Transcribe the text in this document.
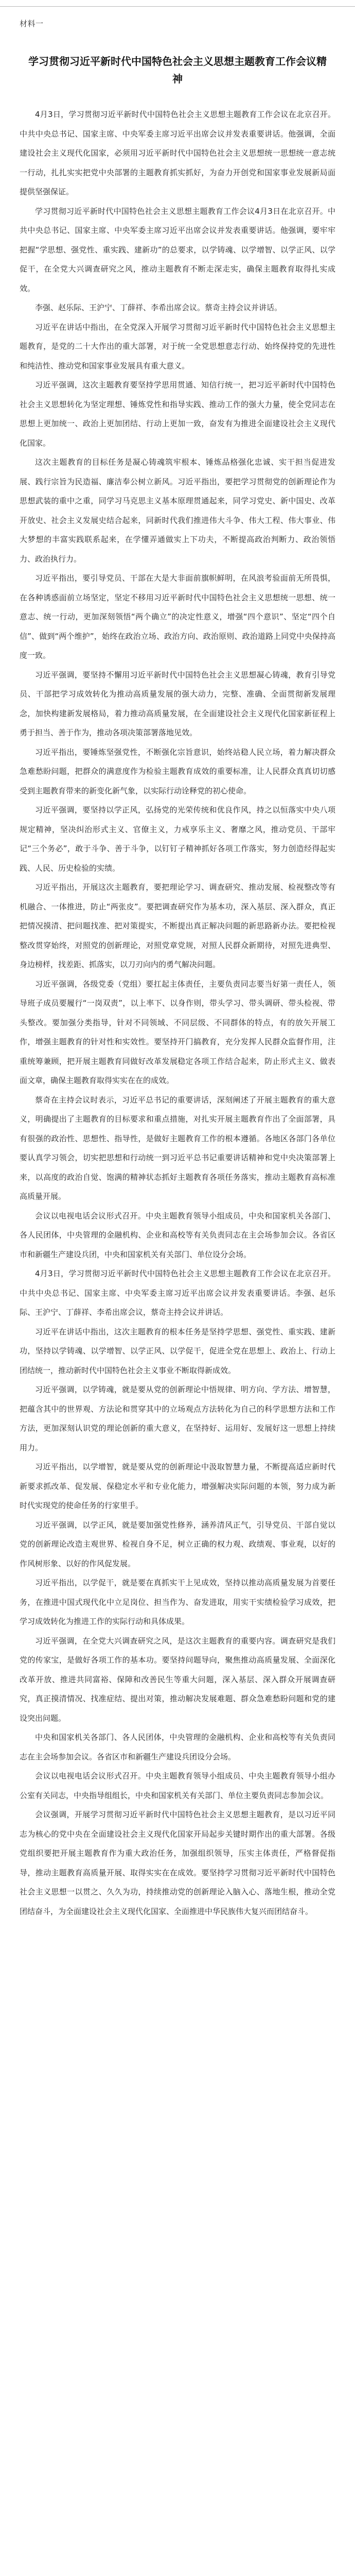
材料一
学习贯彻习近平新时代中国特色社会主义思想主题教育工作会议精神

4月3日，学习贯彻习近平新时代中国特色社会主义思想主题教育工作会议在北京召开。中共中央总书记、国家主席、中央军委主席习近平出席会议并发表重要讲话。他强调，全面建设社会主义现代化国家，必须用习近平新时代中国特色社会主义思想统一思想统一意志统一行动，扎扎实实把党中央部署的主题教育抓实抓好，为奋力开创党和国家事业发展新局面提供坚强保证。

学习贯彻习近平新时代中国特色社会主义思想主题教育工作会议4月3日在北京召开。中共中央总书记、国家主席、中央军委主席习近平出席会议并发表重要讲话。他强调，要牢牢把握“学思想、强党性、重实践、建新功”的总要求，以学铸魂、以学增智、以学正风、以学促干，在全党大兴调查研究之风，推动主题教育不断走深走实，确保主题教育取得扎实成效。

李强、赵乐际、王沪宁、丁薛祥、李希出席会议。蔡奇主持会议并讲话。

习近平在讲话中指出，在全党深入开展学习贯彻习近平新时代中国特色社会主义思想主题教育，是党的二十大作出的重大部署，对于统一全党思想意志行动、始终保持党的先进性和纯洁性、推动党和国家事业发展具有重大意义。

习近平强调，这次主题教育要坚持学思用贯通、知信行统一，把习近平新时代中国特色社会主义思想转化为坚定理想、锤炼党性和指导实践、推动工作的强大力量，使全党同志在思想上更加统一、政治上更加团结、行动上更加一致，奋发有为推进全面建设社会主义现代化国家。

这次主题教育的目标任务是凝心铸魂筑牢根本、锤炼品格强化忠诚、实干担当促进发展、践行宗旨为民造福、廉洁奉公树立新风。习近平指出，要把学习贯彻党的创新理论作为思想武装的重中之重，同学习马克思主义基本原理贯通起来，同学习党史、新中国史、改革开放史、社会主义发展史结合起来，同新时代我们推进伟大斗争、伟大工程、伟大事业、伟大梦想的丰富实践联系起来，在学懂弄通做实上下功夫，不断提高政治判断力、政治领悟力、政治执行力。

习近平指出，要引导党员、干部在大是大非面前旗帜鲜明，在风浪考验面前无所畏惧，在各种诱惑面前立场坚定，坚定不移用习近平新时代中国特色社会主义思想统一思想、统一意志、统一行动，更加深刻领悟“两个确立”的决定性意义，增强“四个意识”、坚定“四个自信”、做到“两个维护”，始终在政治立场、政治方向、政治原则、政治道路上同党中央保持高度一致。

习近平强调，要坚持不懈用习近平新时代中国特色社会主义思想凝心铸魂，教育引导党员、干部把学习成效转化为推动高质量发展的强大动力，完整、准确、全面贯彻新发展理念，加快构建新发展格局，着力推动高质量发展，在全面建设社会主义现代化国家新征程上勇于担当、善于作为，推动各项决策部署落地见效。

习近平指出，要锤炼坚强党性，不断强化宗旨意识，始终站稳人民立场，着力解决群众急难愁盼问题，把群众的满意度作为检验主题教育成效的重要标准，让人民群众真真切切感受到主题教育带来的新变化新气象，以实际行动诠释党的初心使命。

习近平强调，要坚持以学正风，弘扬党的光荣传统和优良作风，持之以恒落实中央八项规定精神，坚决纠治形式主义、官僚主义，力戒享乐主义、奢靡之风，推动党员、干部牢记“三个务必”，敢于斗争、善于斗争，以钉钉子精神抓好各项工作落实，努力创造经得起实践、人民、历史检验的实绩。

习近平指出，开展这次主题教育，要把理论学习、调查研究、推动发展、检视整改等有机融合、一体推进，防止“两张皮”。要把调查研究作为基本功，深入基层、深入群众，真正把情况摸清、把问题找准、把对策提实，不断提出真正解决问题的新思路新办法。要把检视整改贯穿始终，对照党的创新理论，对照党章党规，对照人民群众新期待，对照先进典型、身边榜样，找差距、抓落实，以刀刃向内的勇气解决问题。

习近平强调，各级党委（党组）要扛起主体责任，主要负责同志要当好第一责任人，领导班子成员要履行“一岗双责”，以上率下、以身作则，带头学习、带头调研、带头检视、带头整改。要加强分类指导，针对不同领域、不同层级、不同群体的特点，有的放矢开展工作，增强主题教育的针对性和实效性。要坚持开门搞教育，充分发挥人民群众监督作用，注重统筹兼顾，把开展主题教育同做好改革发展稳定各项工作结合起来，防止形式主义、做表面文章，确保主题教育取得实实在在的成效。

蔡奇在主持会议时表示，习近平总书记的重要讲话，深刻阐述了开展主题教育的重大意义，明确提出了主题教育的目标要求和重点措施，对扎实开展主题教育作出了全面部署，具有很强的政治性、思想性、指导性，是做好主题教育工作的根本遵循。各地区各部门各单位要认真学习领会，切实把思想和行动统一到习近平总书记重要讲话精神和党中央决策部署上来，以高度的政治自觉、饱满的精神状态抓好主题教育各项任务落实，推动主题教育高标准高质量开展。

会议以电视电话会议形式召开。中央主题教育领导小组成员，中央和国家机关各部门、各人民团体，中央管理的金融机构、企业和高校等有关负责同志在主会场参加会议。各省区市和新疆生产建设兵团，中央和国家机关有关部门、单位设分会场。

4月3日，学习贯彻习近平新时代中国特色社会主义思想主题教育工作会议在北京召开。中共中央总书记、国家主席、中央军委主席习近平出席会议并发表重要讲话。李强、赵乐际、王沪宁、丁薛祥、李希出席会议，蔡奇主持会议并讲话。

习近平在讲话中指出，这次主题教育的根本任务是坚持学思想、强党性、重实践、建新功，坚持以学铸魂、以学增智、以学正风、以学促干，促进全党在思想上、政治上、行动上团结统一，推动新时代中国特色社会主义事业不断取得新成效。

习近平强调，以学铸魂，就是要从党的创新理论中悟规律、明方向、学方法、增智慧，把蕴含其中的世界观、方法论和贯穿其中的立场观点方法转化为自己的科学思想方法和工作方法，更加深刻认识党的理论创新的重大意义，在坚持好、运用好、发展好这一思想上持续用力。

习近平指出，以学增智，就是要从党的创新理论中汲取智慧力量，不断提高适应新时代新要求抓改革、促发展、保稳定水平和专业化能力，增强解决实际问题的本领，努力成为新时代实现党的使命任务的行家里手。

习近平强调，以学正风，就是要加强党性修养，涵养清风正气，引导党员、干部自觉以党的创新理论改造主观世界、检视自身不足，树立正确的权力观、政绩观、事业观，以好的作风树形象、以好的作风促发展。

习近平指出，以学促干，就是要在真抓实干上见成效，坚持以推动高质量发展为首要任务，在推进中国式现代化中立足岗位、担当作为、奋发进取，用实干实绩检验学习成效，把学习成效转化为推进工作的实际行动和具体成果。

习近平强调，在全党大兴调查研究之风，是这次主题教育的重要内容。调查研究是我们党的传家宝，是做好各项工作的基本功。要坚持问题导向，聚焦推动高质量发展、全面深化改革开放、推进共同富裕、保障和改善民生等重大问题，深入基层、深入群众开展调查研究，真正摸清情况、找准症结、提出对策，推动解决发展难题、群众急难愁盼问题和党的建设突出问题。

中央和国家机关各部门、各人民团体，中央管理的金融机构、企业和高校等有关负责同志在主会场参加会议。各省区市和新疆生产建设兵团设分会场。

会议以电视电话会议形式召开。中央主题教育领导小组成员、中央主题教育领导小组办公室有关同志，中央指导组组长，中央和国家机关有关部门、单位主要负责同志参加会议。

会议强调，开展学习贯彻习近平新时代中国特色社会主义思想主题教育，是以习近平同志为核心的党中央在全面建设社会主义现代化国家开局起步关键时期作出的重大部署。各级党组织要把开展主题教育作为重大政治任务，加强组织领导，压实主体责任，严格督促指导，推动主题教育高质量开展、取得实实在在成效。要坚持学习贯彻习近平新时代中国特色社会主义思想一以贯之、久久为功，持续推动党的创新理论入脑入心、落地生根，推动全党团结奋斗，为全面建设社会主义现代化国家、全面推进中华民族伟大复兴而团结奋斗。
